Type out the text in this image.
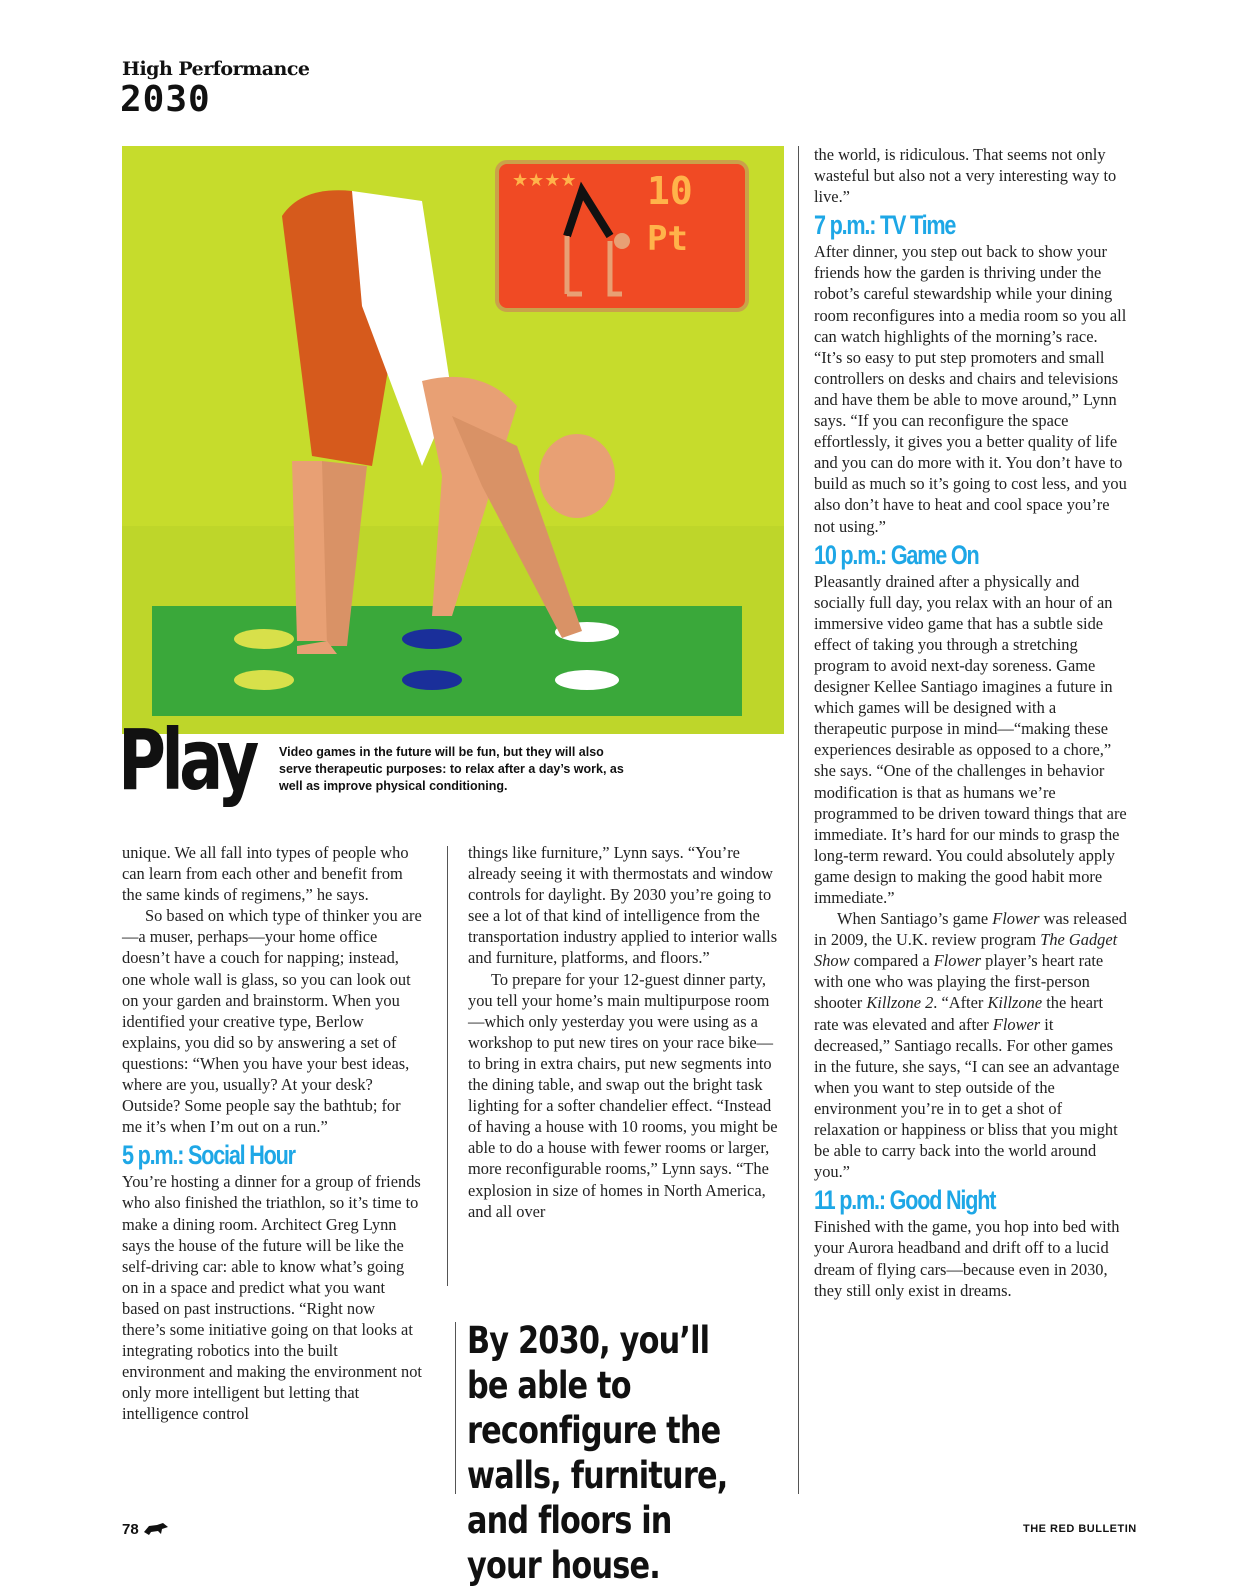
High Performance
2030
★★★★ 10
Pt
Play Video games in the future will be fun, but they will also serve therapeutic purposes: to relax after a day’s work, as well as improve physical conditioning.

unique. We all fall into types of people who can learn from each other and benefit from the same kinds of regimens,” he says.

So based on which type of thinker you are—a muser, perhaps—your home office doesn’t have a couch for napping; instead, one whole wall is glass, so you can look out on your garden and brainstorm. When you identified your creative type, Berlow explains, you did so by answering a set of questions: “When you have your best ideas, where are you, usually? At your desk? Outside? Some people say the bathtub; for me it’s when I’m out on a run.”

5 p.m.: Social Hour

You’re hosting a dinner for a group of friends who also finished the triathlon, so it’s time to make a dining room. Architect Greg Lynn says the house of the future will be like the self-driving car: able to know what’s going on in a space and predict what you want based on past instructions. “Right now there’s some initiative going on that looks at integrating robotics into the built environment and making the environment not only more intelligent but letting that intelligence control

things like furniture,” Lynn says. “You’re already seeing it with thermostats and window controls for daylight. By 2030 you’re going to see a lot of that kind of intelligence from the transportation industry applied to interior walls and furniture, platforms, and floors.”

To prepare for your 12-guest dinner party, you tell your home’s main multipurpose room—which only yesterday you were using as a workshop to put new tires on your race bike—to bring in extra chairs, put new segments into the dining table, and swap out the bright task lighting for a softer chandelier effect. “Instead of having a house with 10 rooms, you might be able to do a house with fewer rooms or larger, more reconfigurable rooms,” Lynn says. “The explosion in size of homes in North America, and all over

By 2030, you’ll be able to reconfigure the walls, furniture, and floors in your house.

the world, is ridiculous. That seems not only wasteful but also not a very interesting way to live.”

7 p.m.: TV Time

After dinner, you step out back to show your friends how the garden is thriving under the robot’s careful stewardship while your dining room reconfigures into a media room so you all can watch highlights of the morning’s race. “It’s so easy to put step promoters and small controllers on desks and chairs and televisions and have them be able to move around,” Lynn says. “If you can reconfigure the space effortlessly, it gives you a better quality of life and you can do more with it. You don’t have to build as much so it’s going to cost less, and you also don’t have to heat and cool space you’re not using.”

10 p.m.: Game On

Pleasantly drained after a physically and socially full day, you relax with an hour of an immersive video game that has a subtle side effect of taking you through a stretching program to avoid next-day soreness. Game designer Kellee Santiago imagines a future in which games will be designed with a therapeutic purpose in mind—“making these experiences desirable as opposed to a chore,” she says. “One of the challenges in behavior modification is that as humans we’re programmed to be driven toward things that are immediate. It’s hard for our minds to grasp the long-term reward. You could absolutely apply game design to making the good habit more immediate.”

When Santiago’s game Flower was released in 2009, the U.K. review program The Gadget Show compared a Flower player’s heart rate with one who was playing the first-person shooter Killzone 2. “After Killzone the heart rate was elevated and after Flower it decreased,” Santiago recalls. For other games in the future, she says, “I can see an advantage when you want to step outside of the environment you’re in to get a shot of relaxation or happiness or bliss that you might be able to carry back into the world around you.”

11 p.m.: Good Night

Finished with the game, you hop into bed with your Aurora headband and drift off to a lucid dream of flying cars—because even in 2030, they still only exist in dreams.

78	THE RED BULLETIN
